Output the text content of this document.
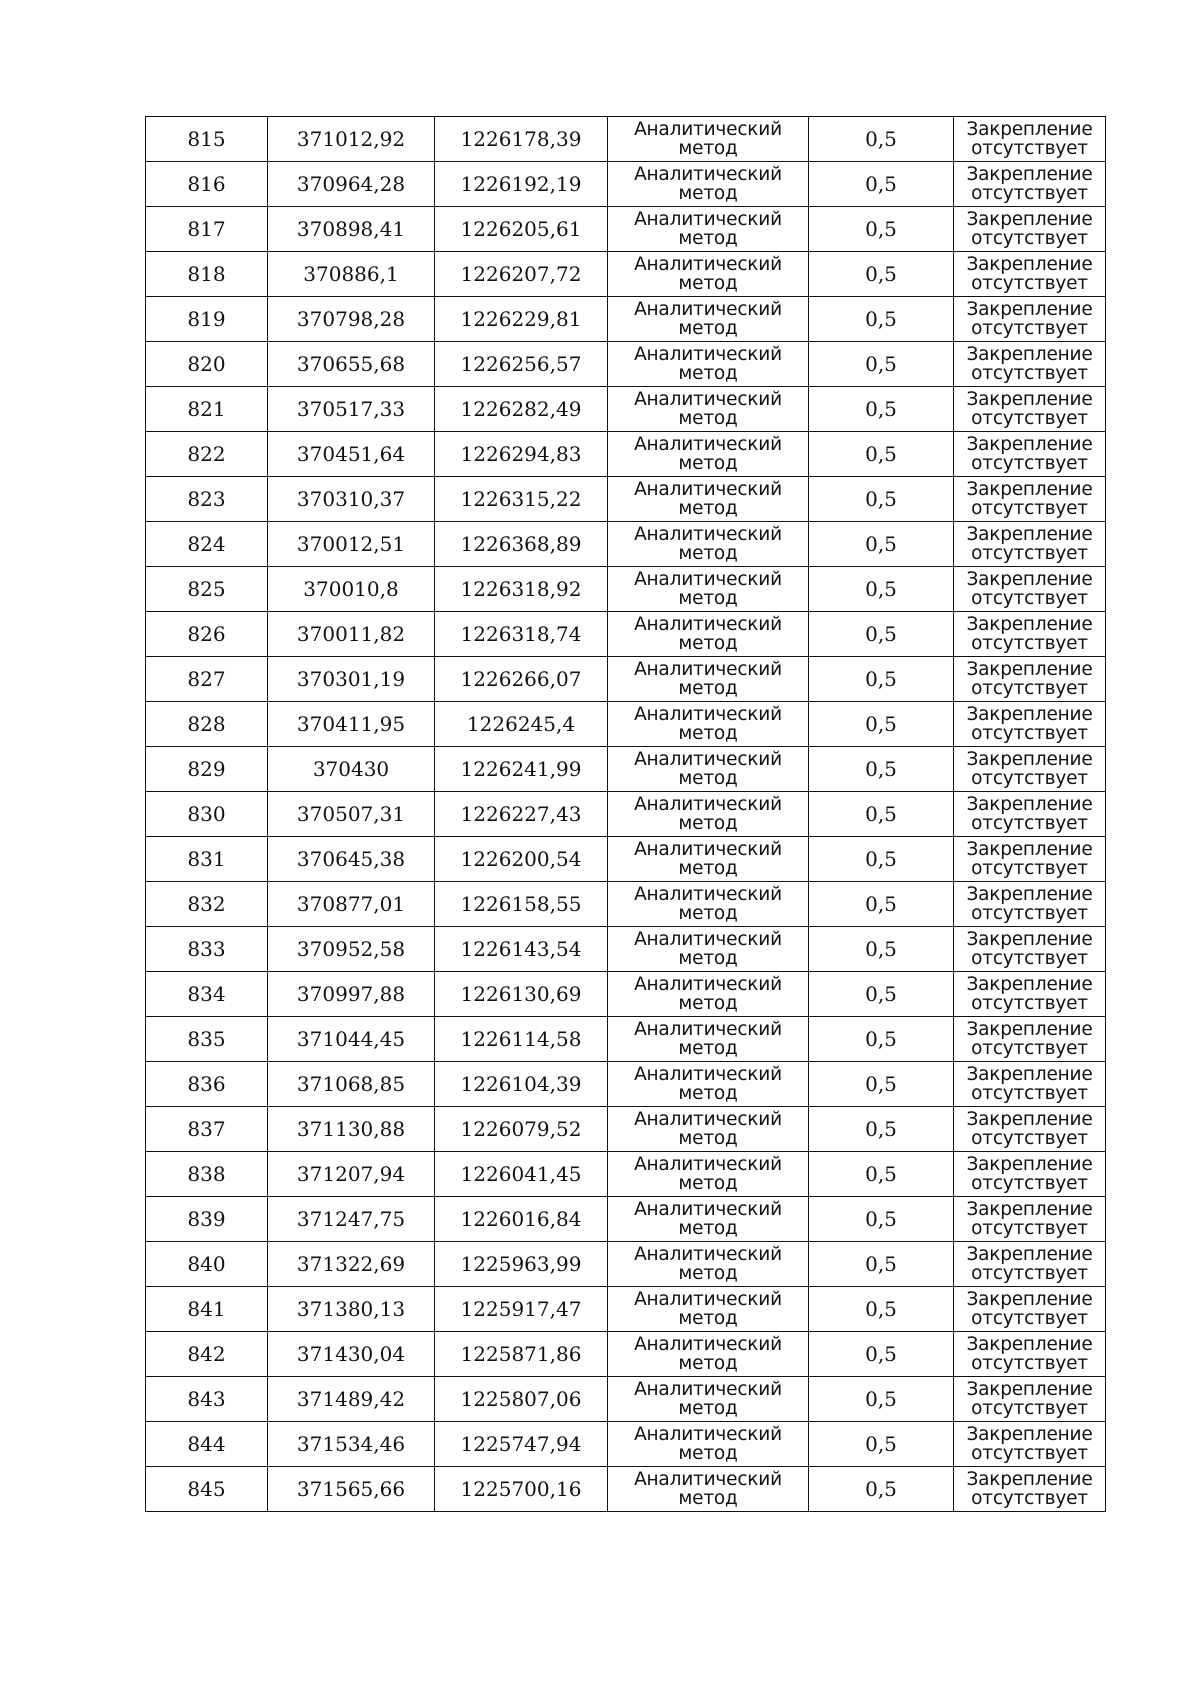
815	371012,92	1226178,39	Аналитический
метод	0,5	Закрепление
отсутствует

816	370964,28	1226192,19	Аналитический
метод	0,5	Закрепление
отсутствует

817	370898,41	1226205,61	Аналитический
метод	0,5	Закрепление
отсутствует

818	370886,1	1226207,72	Аналитический
метод	0,5	Закрепление
отсутствует

819	370798,28	1226229,81	Аналитический
метод	0,5	Закрепление
отсутствует

820	370655,68	1226256,57	Аналитический
метод	0,5	Закрепление
отсутствует

821	370517,33	1226282,49	Аналитический
метод	0,5	Закрепление
отсутствует

822	370451,64	1226294,83	Аналитический
метод	0,5	Закрепление
отсутствует

823	370310,37	1226315,22	Аналитический
метод	0,5	Закрепление
отсутствует

824	370012,51	1226368,89	Аналитический
метод	0,5	Закрепление
отсутствует

825	370010,8	1226318,92	Аналитический
метод	0,5	Закрепление
отсутствует

826	370011,82	1226318,74	Аналитический
метод	0,5	Закрепление
отсутствует

827	370301,19	1226266,07	Аналитический
метод	0,5	Закрепление
отсутствует

828	370411,95	1226245,4	Аналитический
метод	0,5	Закрепление
отсутствует

829	370430	1226241,99	Аналитический
метод	0,5	Закрепление
отсутствует

830	370507,31	1226227,43	Аналитический
метод	0,5	Закрепление
отсутствует

831	370645,38	1226200,54	Аналитический
метод	0,5	Закрепление
отсутствует

832	370877,01	1226158,55	Аналитический
метод	0,5	Закрепление
отсутствует

833	370952,58	1226143,54	Аналитический
метод	0,5	Закрепление
отсутствует

834	370997,88	1226130,69	Аналитический
метод	0,5	Закрепление
отсутствует

835	371044,45	1226114,58	Аналитический
метод	0,5	Закрепление
отсутствует

836	371068,85	1226104,39	Аналитический
метод	0,5	Закрепление
отсутствует

837	371130,88	1226079,52	Аналитический
метод	0,5	Закрепление
отсутствует

838	371207,94	1226041,45	Аналитический
метод	0,5	Закрепление
отсутствует

839	371247,75	1226016,84	Аналитический
метод	0,5	Закрепление
отсутствует

840	371322,69	1225963,99	Аналитический
метод	0,5	Закрепление
отсутствует

841	371380,13	1225917,47	Аналитический
метод	0,5	Закрепление
отсутствует

842	371430,04	1225871,86	Аналитический
метод	0,5	Закрепление
отсутствует

843	371489,42	1225807,06	Аналитический
метод	0,5	Закрепление
отсутствует

844	371534,46	1225747,94	Аналитический
метод	0,5	Закрепление
отсутствует

845	371565,66	1225700,16	Аналитический
метод	0,5	Закрепление
отсутствует
